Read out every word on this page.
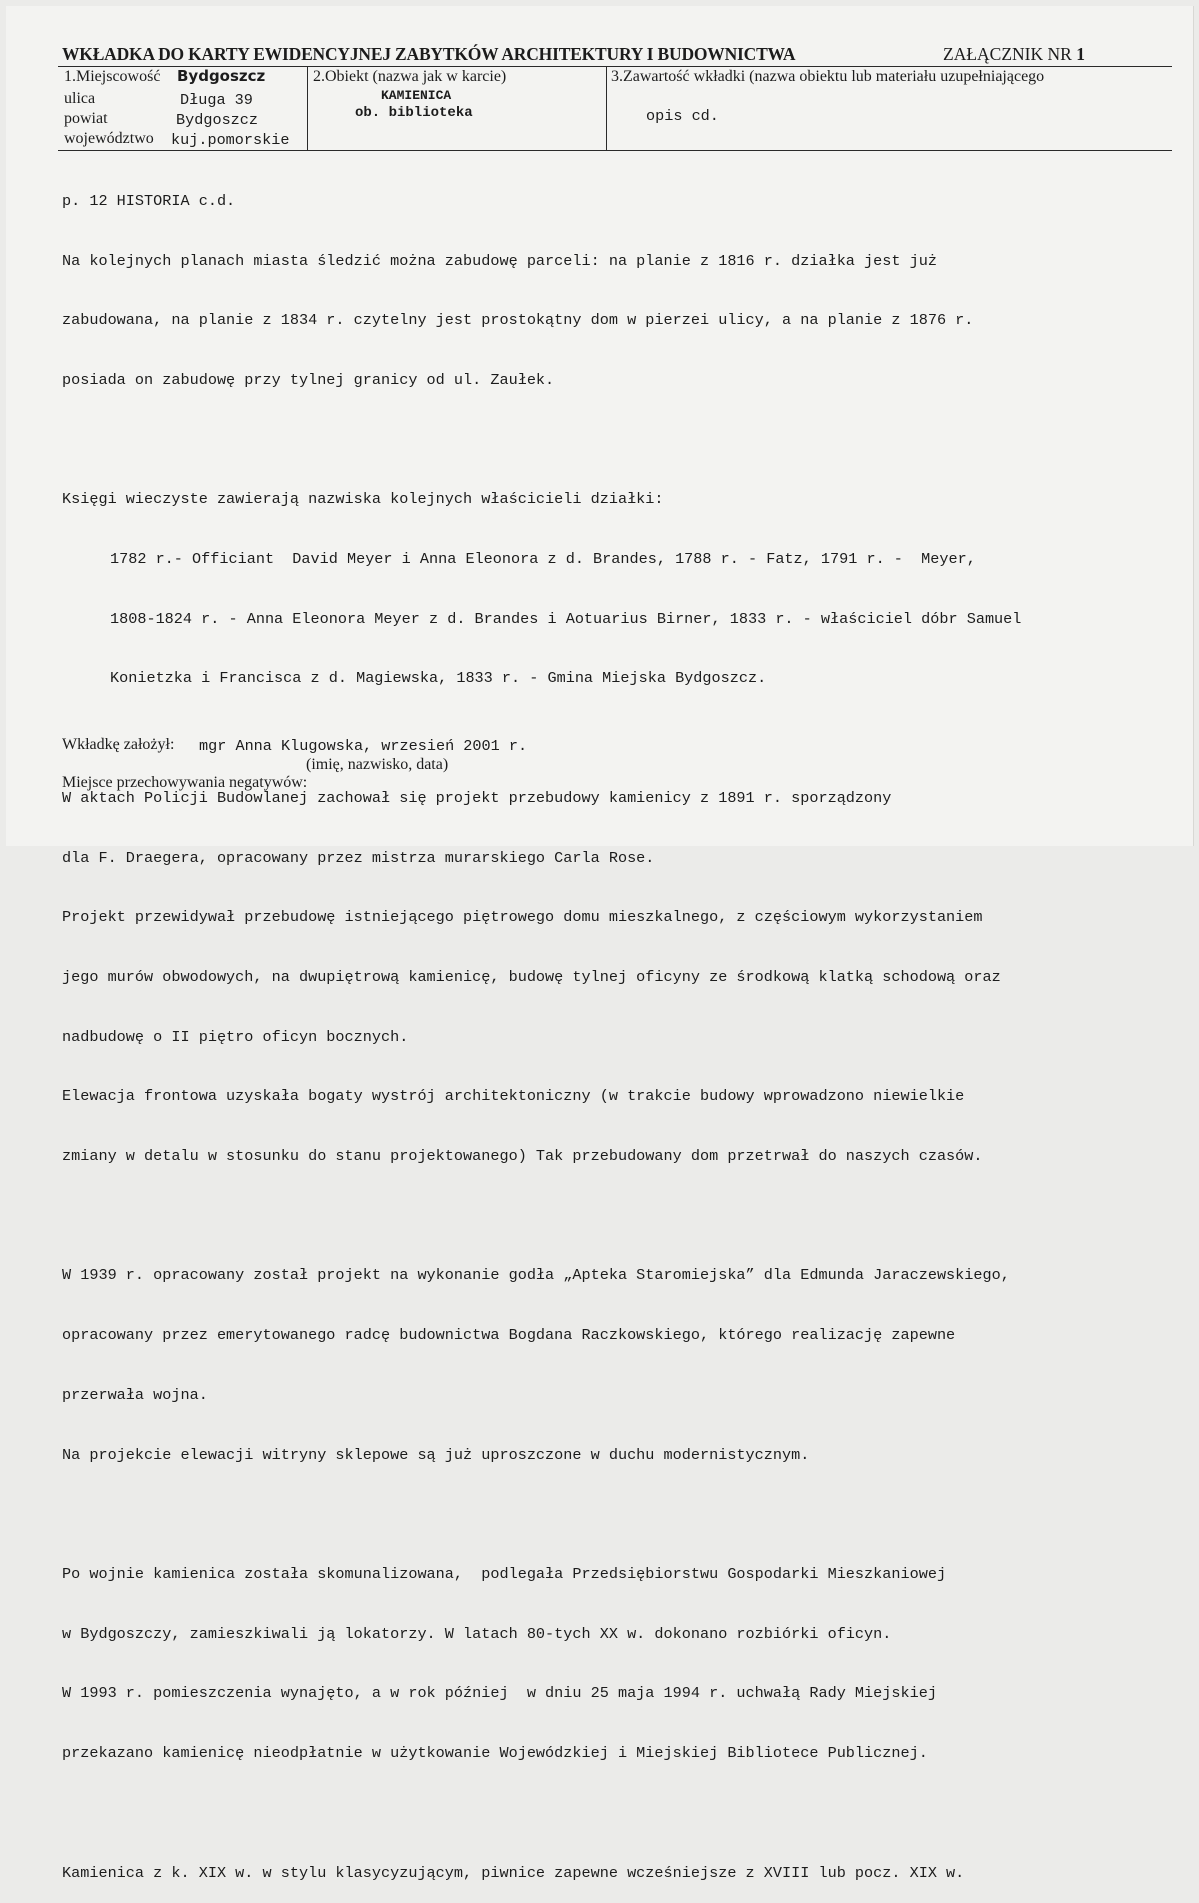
WKŁADKA DO KARTY EWIDENCYJNEJ ZABYTKÓW ARCHITEKTURY I BUDOWNICTWA	ZAŁĄCZNIK NR 1
1.Miejscowość Bydgoszcz
ulica	Długa 39
powiat	Bydgoszcz
województwo kuj.pomorskie
2.Obiekt (nazwa jak w karcie)
KAMIENICA
ob. biblioteka
3.Zawartość wkładki (nazwa obiektu lub materiału uzupełniającego
opis cd.

p. 12 HISTORIA c.d.

Na kolejnych planach miasta śledzić można zabudowę parceli: na planie z 1816 r. działka jest już

zabudowana, na planie z 1834 r. czytelny jest prostokątny dom w pierzei ulicy, a na planie z 1876 r.

posiada on zabudowę przy tylnej granicy od ul. Zaułek.

Księgi wieczyste zawierają nazwiska kolejnych właścicieli działki:

1782 r.- Officiant  David Meyer i Anna Eleonora z d. Brandes, 1788 r. - Fatz, 1791 r. -  Meyer,

1808-1824 r. - Anna Eleonora Meyer z d. Brandes i Aotuarius Birner, 1833 r. - właściciel dóbr Samuel

Konietzka i Francisca z d. Magiewska, 1833 r. - Gmina Miejska Bydgoszcz.

W aktach Policji Budowlanej zachował się projekt przebudowy kamienicy z 1891 r. sporządzony

dla F. Draegera, opracowany przez mistrza murarskiego Carla Rose.

Projekt przewidywał przebudowę istniejącego piętrowego domu mieszkalnego, z częściowym wykorzystaniem

jego murów obwodowych, na dwupiętrową kamienicę, budowę tylnej oficyny ze środkową klatką schodową oraz

nadbudowę o II piętro oficyn bocznych.

Elewacja frontowa uzyskała bogaty wystrój architektoniczny (w trakcie budowy wprowadzono niewielkie

zmiany w detalu w stosunku do stanu projektowanego) Tak przebudowany dom przetrwał do naszych czasów.

W 1939 r. opracowany został projekt na wykonanie godła „Apteka Staromiejska” dla Edmunda Jaraczewskiego,

opracowany przez emerytowanego radcę budownictwa Bogdana Raczkowskiego, którego realizację zapewne

przerwała wojna.

Na projekcie elewacji witryny sklepowe są już uproszczone w duchu modernistycznym.

Po wojnie kamienica została skomunalizowana,  podlegała Przedsiębiorstwu Gospodarki Mieszkaniowej

w Bydgoszczy, zamieszkiwali ją lokatorzy. W latach 80-tych XX w. dokonano rozbiórki oficyn.

W 1993 r. pomieszczenia wynajęto, a w rok później  w dniu 25 maja 1994 r. uchwałą Rady Miejskiej

przekazano kamienicę nieodpłatnie w użytkowanie Wojewódzkiej i Miejskiej Bibliotece Publicznej.

Kamienica z k. XIX w. w stylu klasycyzującym, piwnice zapewne wcześniejsze z XVIII lub pocz. XIX w.

Wkładkę założył: mgr Anna Klugowska, wrzesień 2001 r.
(imię, nazwisko, data)
Miejsce przechowywania negatywów:
